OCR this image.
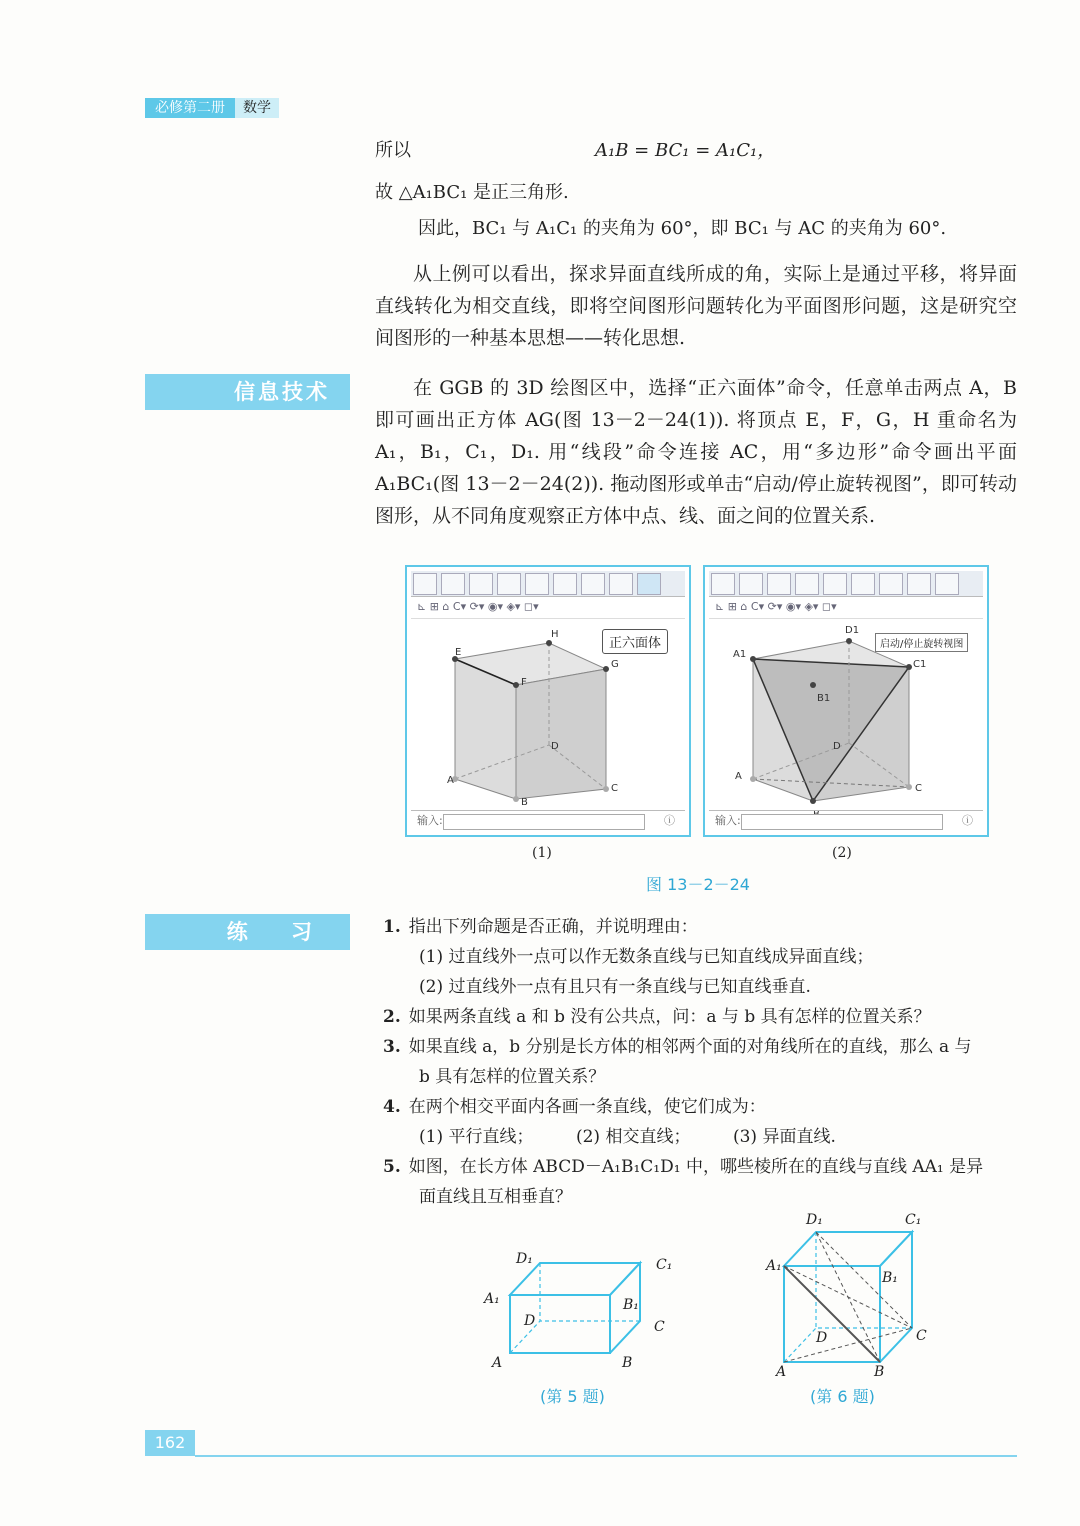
必修第二册	数学
所以	A₁B = BC₁ = A₁C₁，
故 △A₁BC₁ 是正三角形.
因此，BC₁ 与 A₁C₁ 的夹角为 60°，即 BC₁ 与 AC 的夹角为 60°.
从上例可以看出，探求异面直线所成的角，实际上是通过平移，将异面直线转化为相交直线，即将空间图形问题转化为平面图形问题，这是研究空间图形的一种基本思想——转化思想.
信息技术	在 GGB 的 3D 绘图区中，选择“正六面体”命令，任意单击两点 A，B 即可画出正方体 AG(图 13－2－24(1)). 将顶点 E，F，G，H 重命名为 A₁，B₁，C₁，D₁. 用“线段”命令连接 AC，用“多边形”命令画出平面 A₁BC₁(图 13－2－24(2)). 拖动图形或单击“启动/停止旋转视图”，即可转动图形，从不同角度观察正方体中点、线、面之间的位置关系.
⊾ ⊞ ⌂ C▾ ⟳▾ ◉▾ ◈▾ ◻▾
E
F
G
H
A
B
C
D
正六面体
输入:	ⓘ
⊾ ⊞ ⌂ C▾ ⟳▾ ◉▾ ◈▾ ◻▾
A1
B1
C1
D1
A
C
D
启动/停止旋转视图
输入:	ⓘ
(1)	(2)
图 13－2－24
练 习	1. 指出下列命题是否正确，并说明理由：
(1) 过直线外一点可以作无数条直线与已知直线成异面直线；
(2) 过直线外一点有且只有一条直线与已知直线垂直.
2. 如果两条直线 a 和 b 没有公共点，问：a 与 b 具有怎样的位置关系？
3. 如果直线 a，b 分别是长方体的相邻两个面的对角线所在的直线，那么 a 与
b 具有怎样的位置关系？
4. 在两个相交平面内各画一条直线，使它们成为：
(1) 平行直线；　　　(2) 相交直线；　　　(3) 异面直线.
5. 如图，在长方体 ABCD－A₁B₁C₁D₁ 中，哪些棱所在的直线与直线 AA₁ 是异
面直线且互相垂直？
D₁	C₁
A₁	B₁
D	C
A	B
(第 5 题)
D₁	C₁
A₁
B₁
D	C
A	B
(第 6 题)
162
